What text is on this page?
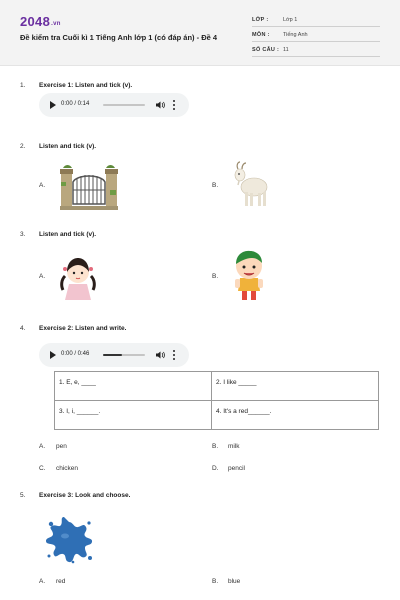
2048.vn
Đề kiểm tra Cuối kì 1 Tiếng Anh lớp 1 (có đáp án) - Đề 4
LỚP :	Lớp 1
MÔN : Tiếng Anh
SỐ CÂU : 11
1. Exercise 1: Listen and tick (v).
0:00 / 0:14
2. Listen and tick (v).
A.	B.
3. Listen and tick (v).
A.	B.
4. Exercise 2: Listen and write.
0:00 / 0:46
1. E, e, ____	2. I like _____
3. I, i, ______.	4. It's a red______.
A. pen	B. milk
C. chicken	D. pencil
5. Exercise 3: Look and choose.
A. red	B. blue
